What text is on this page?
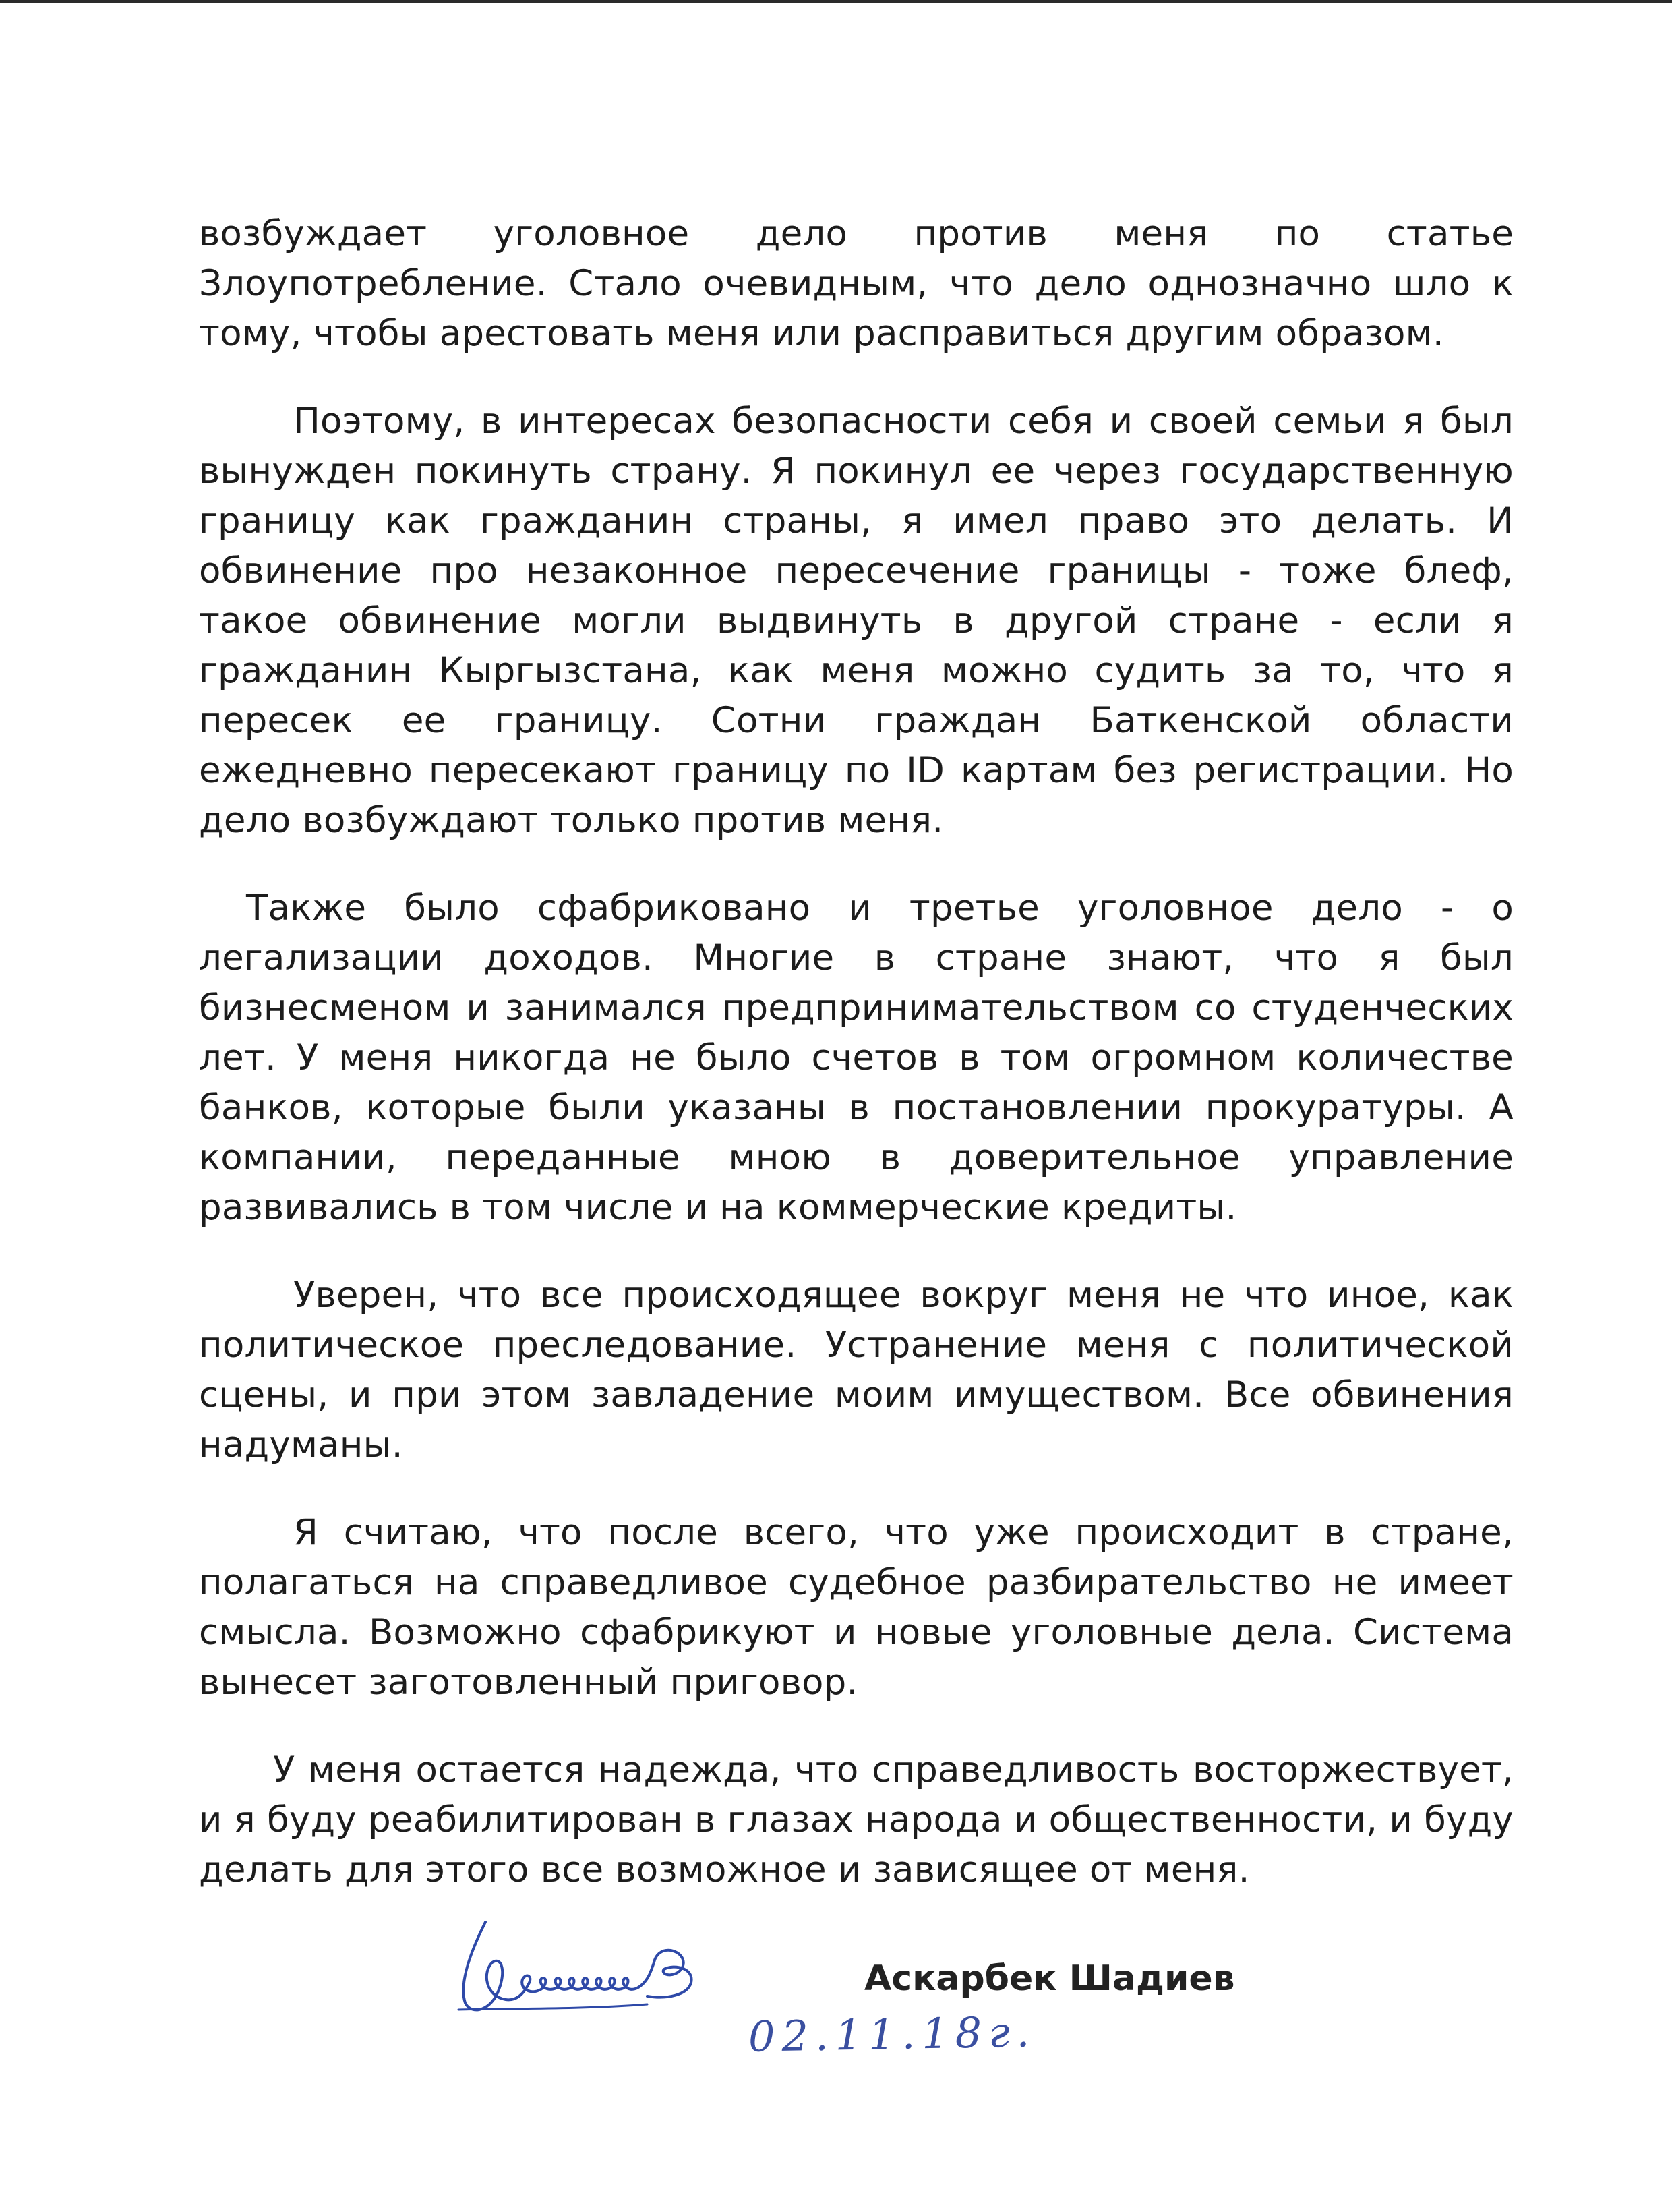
возбуждает уголовное дело против меня по статье Злоупотребление. Стало очевидным, что дело однозначно шло к тому, чтобы арестовать меня или расправиться другим образом.

Поэтому, в интересах безопасности себя и своей семьи я был вынужден покинуть страну. Я покинул ее через государственную границу как гражданин страны, я имел право это делать. И обвинение про незаконное пересечение границы - тоже блеф, такое обвинение могли выдвинуть в другой стране - если я гражданин Кыргызстана, как меня можно судить за то, что я пересек ее границу. Сотни граждан Баткенской области ежедневно пересекают границу по ID картам без регистрации. Но дело возбуждают только против меня.

Также было сфабриковано и третье уголовное дело - о легализации доходов. Многие в стране знают, что я был бизнесменом и занимался предпринимательством со студенческих лет. У меня никогда не было счетов в том огромном количестве банков, которые были указаны в постановлении прокуратуры. А компании, переданные мною в доверительное управление развивались в том числе и на коммерческие кредиты.

Уверен, что все происходящее вокруг меня не что иное, как политическое преследование. Устранение меня с политической сцены, и при этом завладение моим имуществом. Все обвинения надуманы.

Я считаю, что после всего, что уже происходит в стране, полагаться на справедливое судебное разбирательство не имеет смысла. Возможно сфабрикуют и новые уголовные дела. Система вынесет заготовленный приговор.

У меня остается надежда, что справедливость восторжествует, и я буду реабилитирован в глазах народа и общественности, и буду делать для этого все возможное и зависящее от меня.

Аскарбек Шадиев
02.11.18г.
